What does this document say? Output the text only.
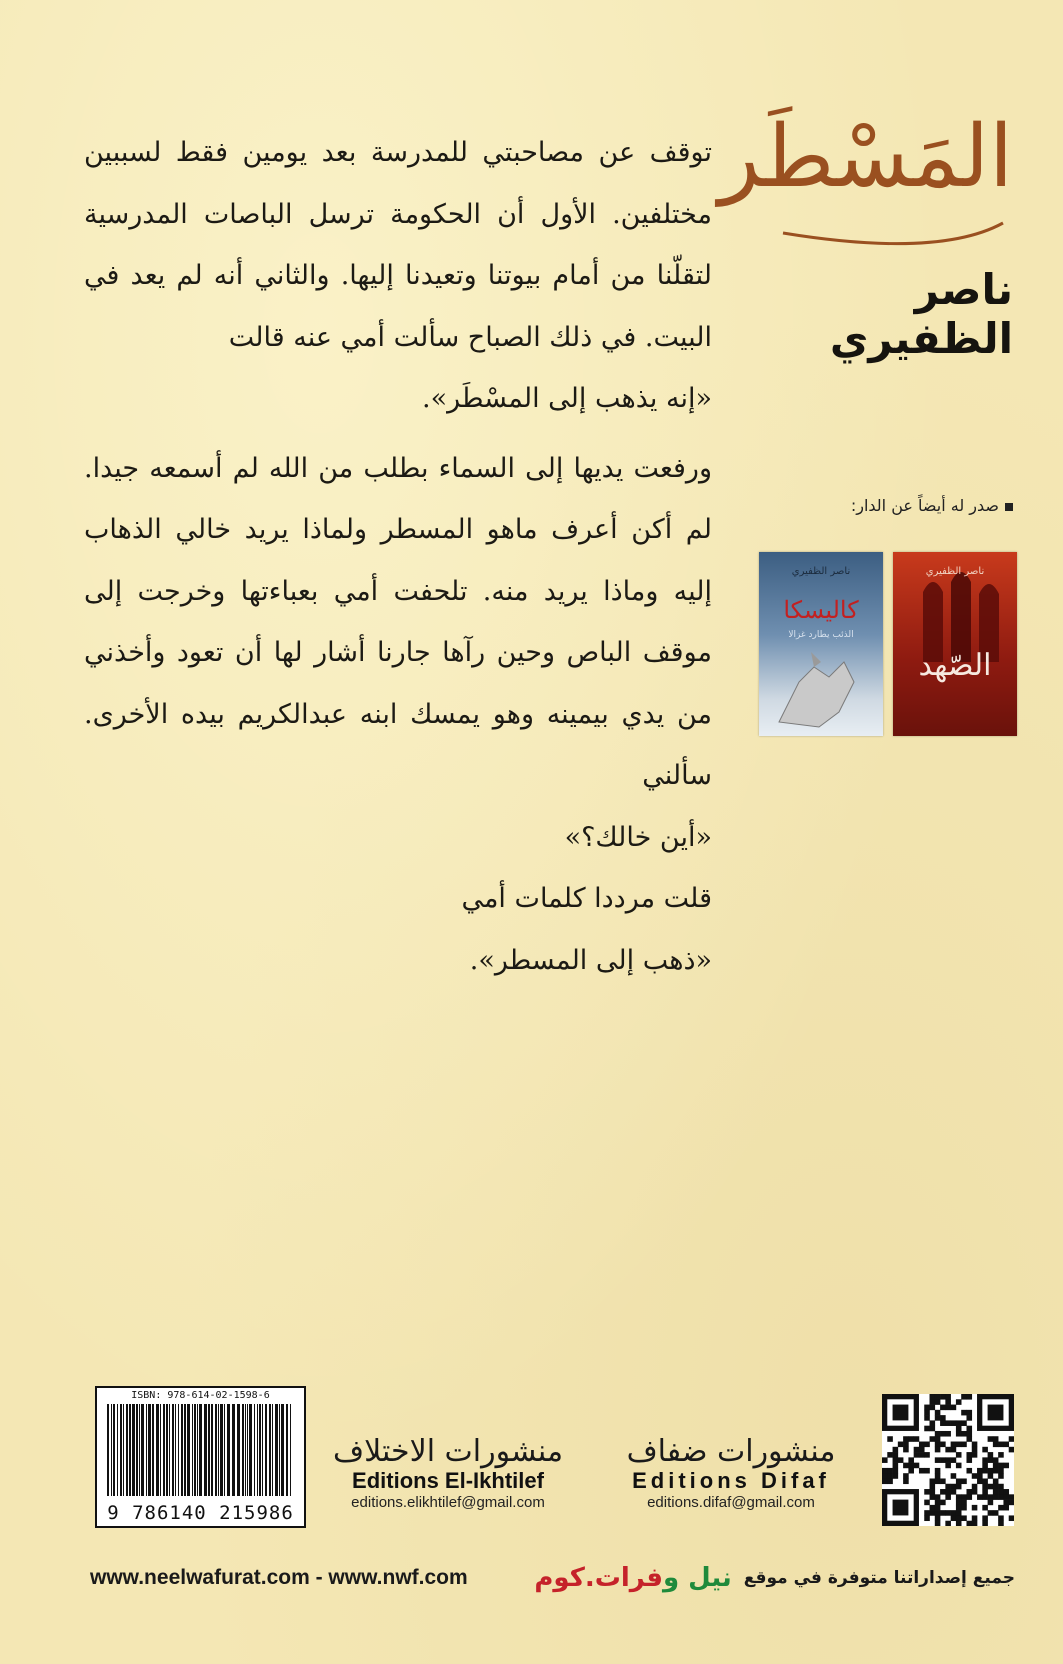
المَسْطَر
ناصر الظفيري

توقف عن مصاحبتي للمدرسة بعد يومين فقط لسببين مختلفين. الأول أن الحكومة ترسل الباصات المدرسية لتقلّنا من أمام بيوتنا وتعيدنا إليها. والثاني أنه لم يعد في البيت. في ذلك الصباح سألت أمي عنه قالت

«إنه يذهب إلى المسْطَر».

ورفعت يديها إلى السماء بطلب من الله لم أسمعه جيدا. لم أكن أعرف ماهو المسطر ولماذا يريد خالي الذهاب إليه وماذا يريد منه. تلحفت أمي بعباءتها وخرجت إلى موقف الباص وحين رآها جارنا أشار لها أن تعود وأخذني من يدي بيمينه وهو يمسك ابنه عبدالكريم بيده الأخرى. سألني

«أين خالك؟»

قلت مرددا كلمات أمي

«ذهب إلى المسطر».

صدر له أيضاً عن الدار:
ناصر الظفيري
الصّهد
ناصر الظفيري
كاليسكا
الذئب يطارد غزالا
ISBN: 978-614-02-1598-6
9 786140 215986
منشورات الاختلاف
Editions El-Ikhtilef
editions.elikhtilef@gmail.com
منشورات ضفاف
Editions Difaf
editions.difaf@gmail.com
www.neelwafurat.com - www.nwf.com	جميع إصداراتنا متوفرة في موقع
نيل وفرات.كوم
